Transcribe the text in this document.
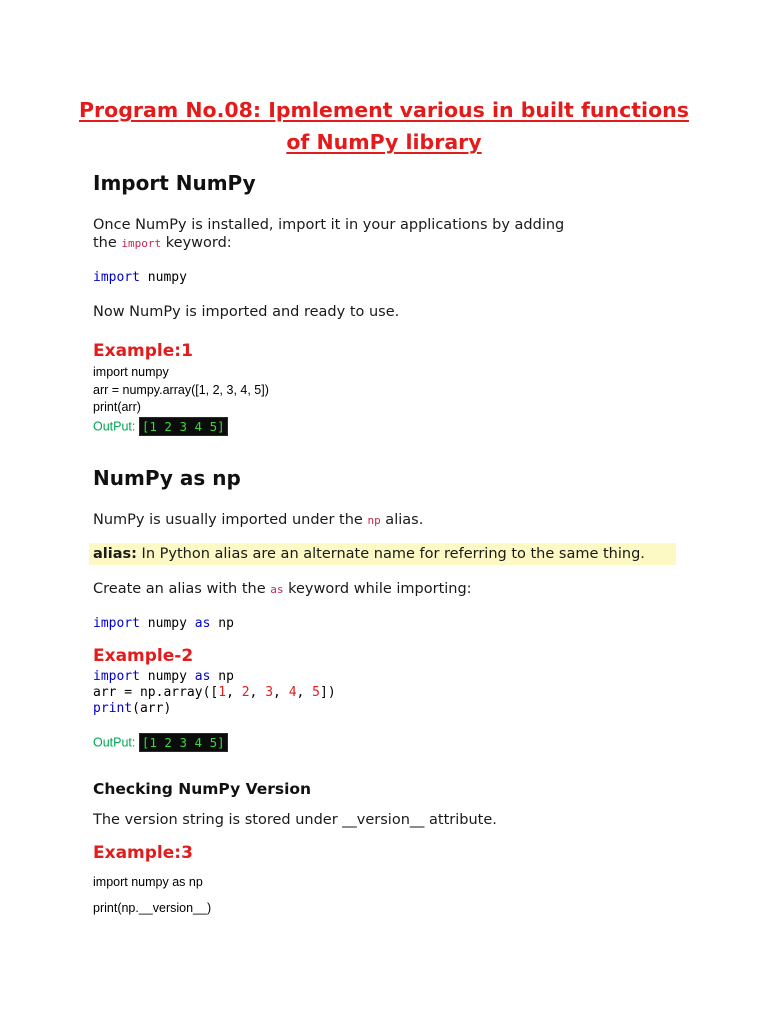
Program No.08: Ipmlement various in built functions
of NumPy library
Import NumPy
Once NumPy is installed, import it in your applications by adding
the import keyword:
import numpy
Now NumPy is imported and ready to use.
Example:1
import numpy
arr = numpy.array([1, 2, 3, 4, 5])
print(arr)
OutPut: [1 2 3 4 5]
NumPy as np
NumPy is usually imported under the np alias.
alias: In Python alias are an alternate name for referring to the same thing.
Create an alias with the as keyword while importing:
import numpy as np
Example-2
import numpy as np
arr = np.array([1, 2, 3, 4, 5])
print(arr)
OutPut: [1 2 3 4 5]
Checking NumPy Version
The version string is stored under __version__ attribute.
Example:3
import numpy as np
print(np.__version__)
